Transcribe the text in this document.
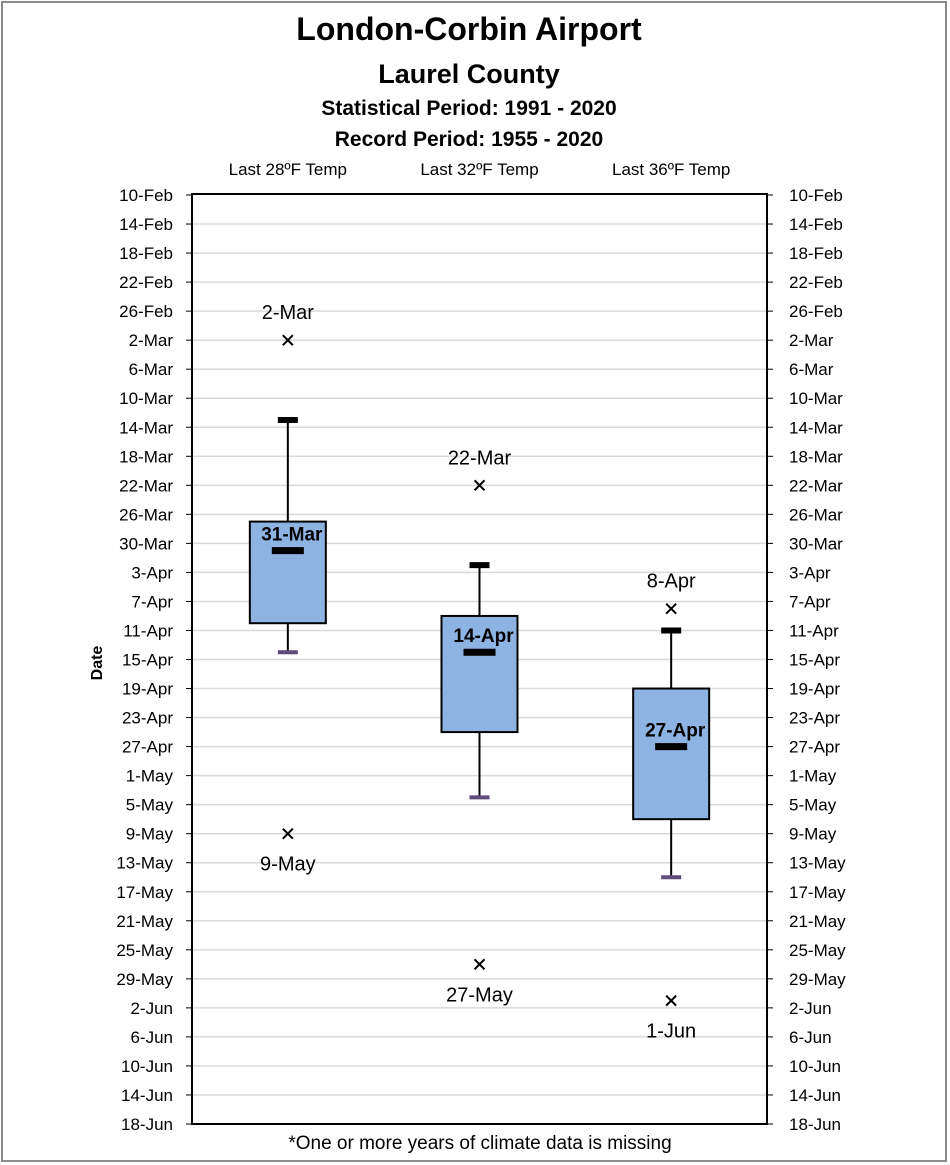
London-Corbin Airport
Laurel County
Statistical Period: 1991 - 2020
Record Period: 1955 - 2020
10-Feb	10-Feb
14-Feb	14-Feb
18-Feb	18-Feb
22-Feb	22-Feb
26-Feb	26-Feb
2-Mar	2-Mar
6-Mar	6-Mar
10-Mar	10-Mar
14-Mar	14-Mar
18-Mar	18-Mar
22-Mar	22-Mar
26-Mar	26-Mar
30-Mar	30-Mar
3-Apr	3-Apr
7-Apr	7-Apr
11-Apr	11-Apr
15-Apr	15-Apr
19-Apr	19-Apr
23-Apr	23-Apr
27-Apr	27-Apr
1-May	1-May
5-May	5-May
9-May	9-May
13-May	13-May
17-May	17-May
21-May	21-May
25-May	25-May
29-May	29-May
2-Jun	2-Jun
6-Jun	6-Jun
10-Jun	10-Jun
14-Jun	14-Jun
18-Jun	18-Jun
Last 28ºF Temp	Last 32ºF Temp	Last 36ºF Temp
31-Mar
2-Mar
9-May
14-Apr
22-Mar
27-May
27-Apr
8-Apr
1-Jun
Date
*One or more years of climate data is missing
